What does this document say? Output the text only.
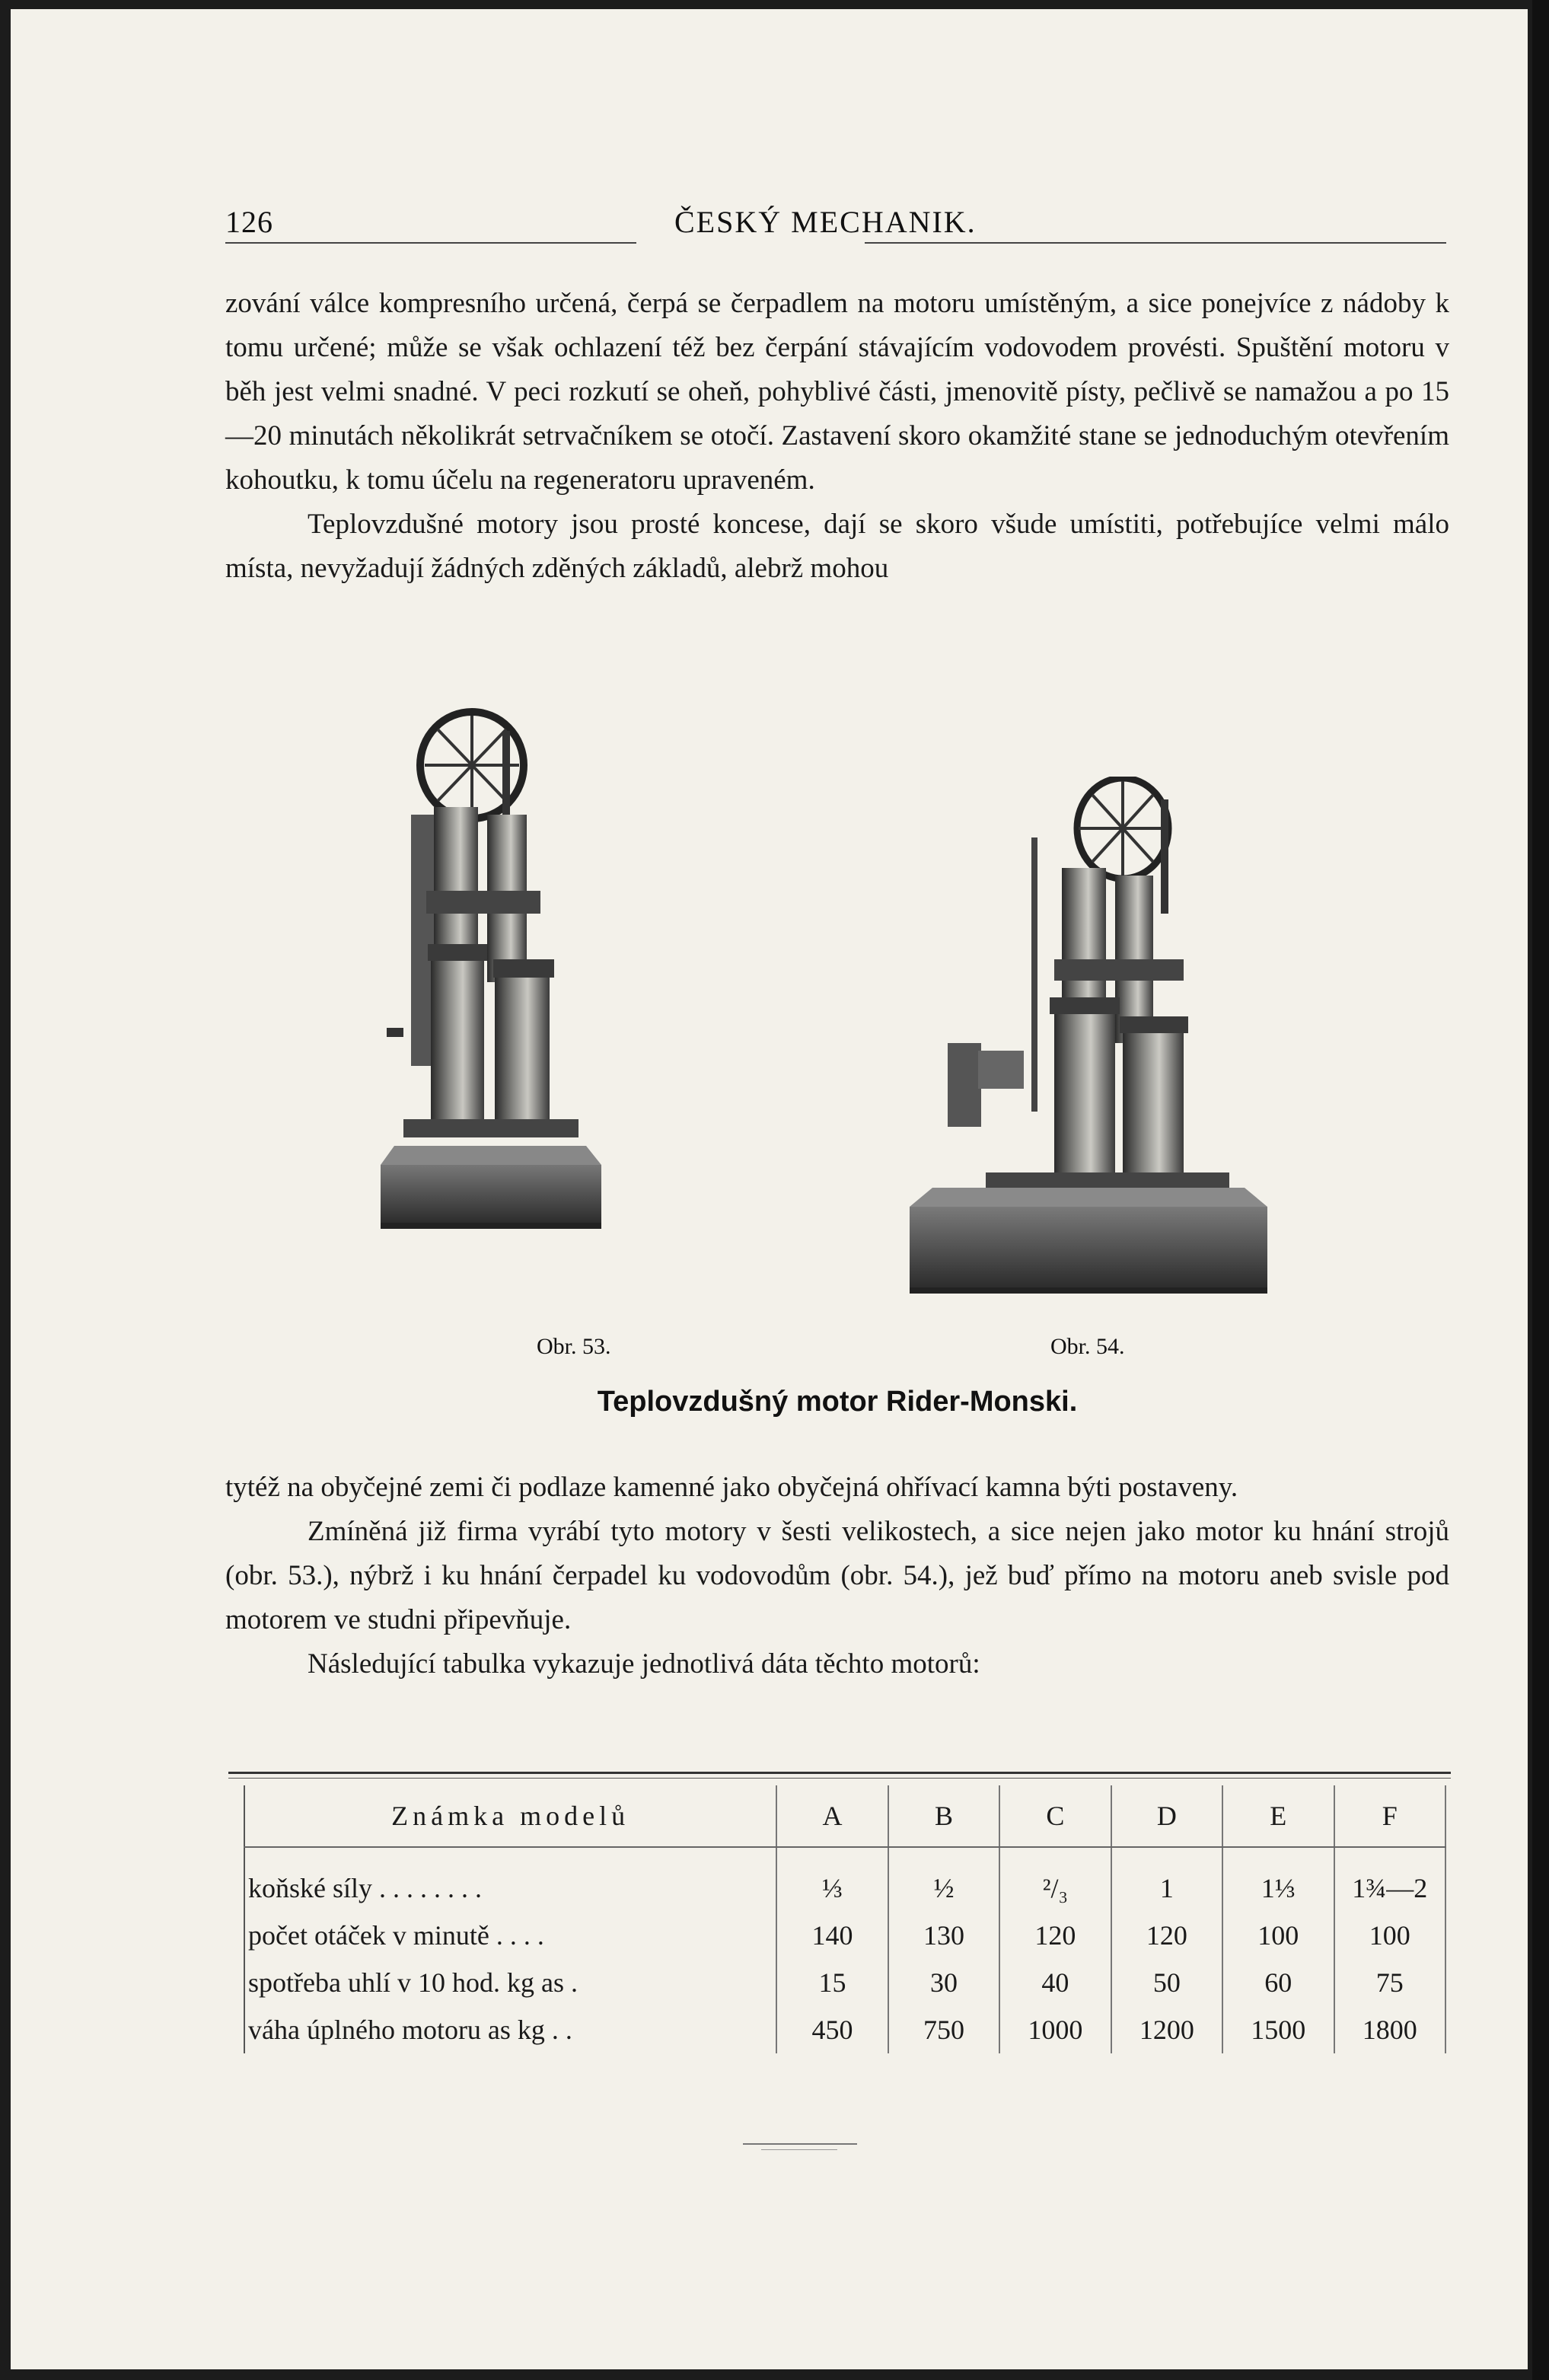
126	ČESKÝ MECHANIK.

zování válce kompresního určená, čerpá se čerpadlem na motoru umístěným, a sice ponejvíce z nádoby k tomu určené; může se však ochlazení též bez čerpání stávajícím vodovodem provésti. Spuštění motoru v běh jest velmi snadné. V peci rozkutí se oheň, pohyblivé části, jmenovitě písty, pečlivě se namažou a po 15—20 minutách několikrát setrvačníkem se otočí. Zastavení skoro okamžité stane se jednoduchým otevřením kohoutku, k tomu účelu na regeneratoru upraveném.

Teplovzdušné motory jsou prosté koncese, dají se skoro všude umístiti, potřebujíce velmi málo místa, nevyžadují žádných zděných základů, alebrž mohou

Obr. 53.	Obr. 54.
Teplovzdušný motor Rider-Monski.

tytéž na obyčejné zemi či podlaze kamenné jako obyčejná ohřívací kamna býti postaveny.

Zmíněná již firma vyrábí tyto motory v šesti velikostech, a sice nejen jako motor ku hnání strojů (obr. 53.), nýbrž i ku hnání čerpadel ku vodovodům (obr. 54.), jež buď přímo na motoru aneb svisle pod motorem ve studni připevňuje.

Následující tabulka vykazuje jednotlivá dáta těchto motorů:

Známka modelů	A	B	C	D	E	F
koňské síly . . . . . . . .	⅓	½	²/₃	1	1⅓	1¾—2
počet otáček v minutě . . . .	140	130	120	120	100	100
spotřeba uhlí v 10 hod. kg as .	15	30	40	50	60	75
váha úplného motoru as kg . .	450	750	1000	1200	1500	1800
